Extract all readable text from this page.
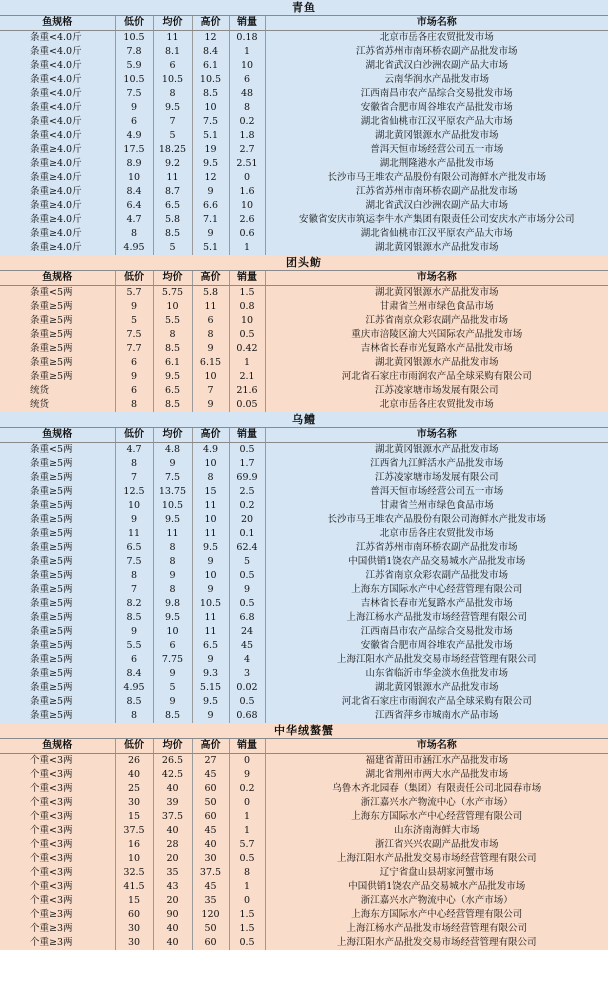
青鱼
鱼规格	低价	均价	高价	销量	市场名称
条重<4.0斤	10.5	11	12	0.18	北京市岳各庄农贸批发市场
条重<4.0斤	7.8	8.1	8.4	1	江苏省苏州市南环桥农副产品批发市场
条重<4.0斤	5.9	6	6.1	10	湖北省武汉白沙洲农副产品大市场
条重<4.0斤	10.5	10.5	10.5	6	云南华润水产品批发市场
条重<4.0斤	7.5	8	8.5	48	江西南昌市农产品综合交易批发市场
条重<4.0斤	9	9.5	10	8	安徽省合肥市周谷堆农产品批发市场
条重<4.0斤	6	7	7.5	0.2	湖北省仙桃市江汉平原农产品大市场
条重<4.0斤	4.9	5	5.1	1.8	湖北黄冈银源水产品批发市场
条重≥4.0斤	17.5	18.25	19	2.7	普洱天恒市场经营公司五一市场
条重≥4.0斤	8.9	9.2	9.5	2.51	湖北荆隆港水产品批发市场
条重≥4.0斤	10	11	12	0	长沙市马王堆农产品股份有限公司海鲜水产批发市场
条重≥4.0斤	8.4	8.7	9	1.6	江苏省苏州市南环桥农副产品批发市场
条重≥4.0斤	6.4	6.5	6.6	10	湖北省武汉白沙洲农副产品大市场
条重≥4.0斤	4.7	5.8	7.1	2.6	安徽省安庆市筑运李牛水产集团有限责任公司安庆水产市场分公司
条重≥4.0斤	8	8.5	9	0.6	湖北省仙桃市江汉平原农产品大市场
条重≥4.0斤	4.95	5	5.1	1	湖北黄冈银源水产品批发市场
团头鲂
鱼规格	低价	均价	高价	销量	市场名称
条重<5两	5.7	5.75	5.8	1.5	湖北黄冈银源水产品批发市场
条重≥5两	9	10	11	0.8	甘肃省兰州市绿色食品市场
条重≥5两	5	5.5	6	10	江苏省南京众彩农副产品批发市场
条重≥5两	7.5	8	8	0.5	重庆市涪陵区渝大兴国际农产品批发市场
条重≥5两	7.7	8.5	9	0.42	吉林省长春市光复路水产品批发市场
条重≥5两	6	6.1	6.15	1	湖北黄冈银源水产品批发市场
条重≥5两	9	9.5	10	2.1	河北省石家庄市雨润农产品全球采购有限公司
统货	6	6.5	7	21.6	江苏凌家塘市场发展有限公司
统货	8	8.5	9	0.05	北京市岳各庄农贸批发市场
乌鳢
鱼规格	低价	均价	高价	销量	市场名称
条重<5两	4.7	4.8	4.9	0.5	湖北黄冈银源水产品批发市场
条重≥5两	8	9	10	1.7	江西省九江鲜活水产品批发市场
条重≥5两	7	7.5	8	69.9	江苏凌家塘市场发展有限公司
条重≥5两	12.5	13.75	15	2.5	普洱天恒市场经营公司五一市场
条重≥5两	10	10.5	11	0.2	甘肃省兰州市绿色食品市场
条重≥5两	9	9.5	10	20	长沙市马王堆农产品股份有限公司海鲜水产批发市场
条重≥5两	11	11	11	0.1	北京市岳各庄农贸批发市场
条重≥5两	6.5	8	9.5	62.4	江苏省苏州市南环桥农副产品批发市场
条重≥5两	7.5	8	9	5	中国供销1饶农产品交易城水产品批发市场
条重≥5两	8	9	10	0.5	江苏省南京众彩农副产品批发市场
条重≥5两	7	8	9	9	上海东方国际水产中心经营管理有限公司
条重≥5两	8.2	9.8	10.5	0.5	吉林省长春市光复路水产品批发市场
条重≥5两	8.5	9.5	11	6.8	上海江杨水产品批发市场经营管理有限公司
条重≥5两	9	10	11	24	江西南昌市农产品综合交易批发市场
条重≥5两	5.5	6	6.5	45	安徽省合肥市周谷堆农产品批发市场
条重≥5两	6	7.75	9	4	上海江阳水产品批发交易市场经营管理有限公司
条重≥5两	8.4	9	9.3	3	山东省临沂市华金淡水鱼批发市场
条重≥5两	4.95	5	5.15	0.02	湖北黄冈银源水产品批发市场
条重≥5两	8.5	9	9.5	0.5	河北省石家庄市雨润农产品全球采购有限公司
条重≥5两	8	8.5	9	0.68	江西省萍乡市城南水产品市场
中华绒螯蟹
鱼规格	低价	均价	高价	销量	市场名称
个重<3两	26	26.5	27	0	福建省莆田市涵江水产品批发市场
个重<3两	40	42.5	45	9	湖北省荆州市两大水产品批发市场
个重<3两	25	40	60	0.2	乌鲁木齐北园春（集团）有限责任公司北园春市场
个重<3两	30	39	50	0	浙江嘉兴水产物流中心（水产市场）
个重<3两	15	37.5	60	1	上海东方国际水产中心经营管理有限公司
个重<3两	37.5	40	45	1	山东济南海鲜大市场
个重<3两	16	28	40	5.7	浙江省兴兴农副产品批发市场
个重<3两	10	20	30	0.5	上海江阳水产品批发交易市场经营管理有限公司
个重<3两	32.5	35	37.5	8	辽宁省盘山县胡家河蟹市场
个重<3两	41.5	43	45	1	中国供销1饶农产品交易城水产品批发市场
个重<3两	15	20	35	0	浙江嘉兴水产物流中心（水产市场）
个重≥3两	60	90	120	1.5	上海东方国际水产中心经营管理有限公司
个重≥3两	30	40	50	1.5	上海江杨水产品批发市场经营管理有限公司
个重≥3两	30	40	60	0.5	上海江阳水产品批发交易市场经营管理有限公司
